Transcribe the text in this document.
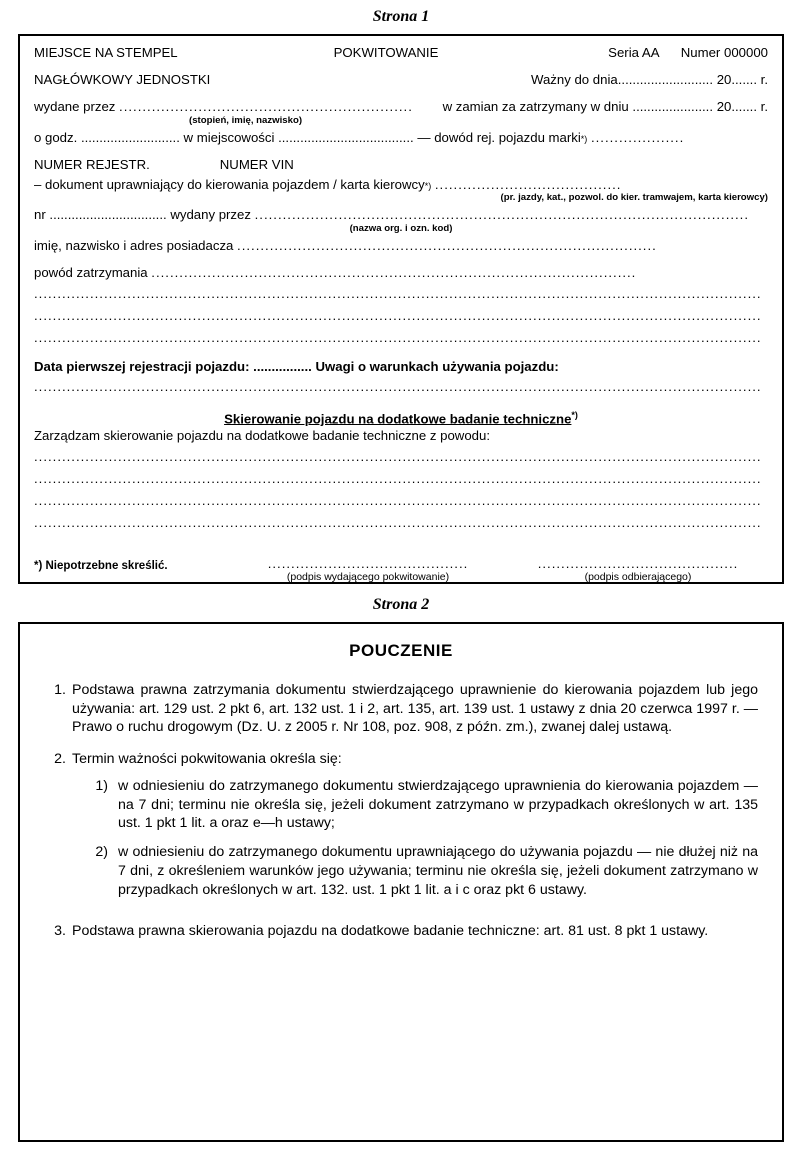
Strona 1
MIEJSCE NA STEMPEL	POKWITOWANIE	Seria AA Numer 000000
NAGŁÓWKOWY JEDNOSTKI	Ważny do dnia ..........................
20....... r.
wydane przez
...............................................................
	w zamian za zatrzymany w dniu
......................
20....... r.
(stopień, imię, nazwisko)
o godz.
...........................
w miejscowości
.....................................
— dowód rej. pojazdu marki *)
....................
NUMER REJESTR.	NUMER VIN
– dokument uprawniający do kierowania pojazdem / karta kierowcy *)
........................................
(pr. jazdy, kat., pozwol. do kier. tramwajem, karta kierowcy)
nr
................................
wydany przez
..........................................................................................................
(nazwa org. i ozn. kod)
imię, nazwisko i adres posiadacza
..........................................................................................
powód zatrzymania
........................................................................................................
............................................................................................................................................................
............................................................................................................................................................
............................................................................................................................................................
Data pierwszej rejestracji pojazdu:
................
Uwagi o warunkach używania pojazdu:
............................................................................................................................................................
Skierowanie pojazdu na dodatkowe badanie techniczne*)
Zarządzam skierowanie pojazdu na dodatkowe badanie techniczne z powodu:
............................................................................................................................................................
............................................................................................................................................................
............................................................................................................................................................
............................................................................................................................................................
...........................................
(podpis wydającego pokwitowanie)
...........................................
(podpis odbierającego)
*) Niepotrzebne skreślić.
Strona 2
POUCZENIE
1. Podstawa prawna zatrzymania dokumentu stwierdzającego uprawnienie do kierowania pojazdem lub jego używania: art. 129 ust. 2 pkt 6, art. 132 ust. 1 i 2, art. 135, art. 139 ust. 1 ustawy z dnia 20 czerwca 1997 r. — Prawo o ruchu drogowym (Dz. U. z 2005 r. Nr 108, poz. 908, z późn. zm.), zwanej dalej ustawą.
2. Termin ważności pokwitowania określa się:
1) w odniesieniu do zatrzymanego dokumentu stwierdzającego uprawnienia do kierowania pojazdem — na 7 dni; terminu nie określa się, jeżeli dokument zatrzymano w przypadkach określonych w art. 135 ust. 1 pkt 1 lit. a oraz e—h ustawy;
2) w odniesieniu do zatrzymanego dokumentu uprawniającego do używania pojazdu — nie dłużej niż na 7 dni, z określeniem warunków jego używania; terminu nie określa się, jeżeli dokument zatrzymano w przypadkach określonych w art. 132. ust. 1 pkt 1 lit. a i c oraz pkt 6 ustawy.
3. Podstawa prawna skierowania pojazdu na dodatkowe badanie techniczne: art. 81 ust. 8 pkt 1 ustawy.
